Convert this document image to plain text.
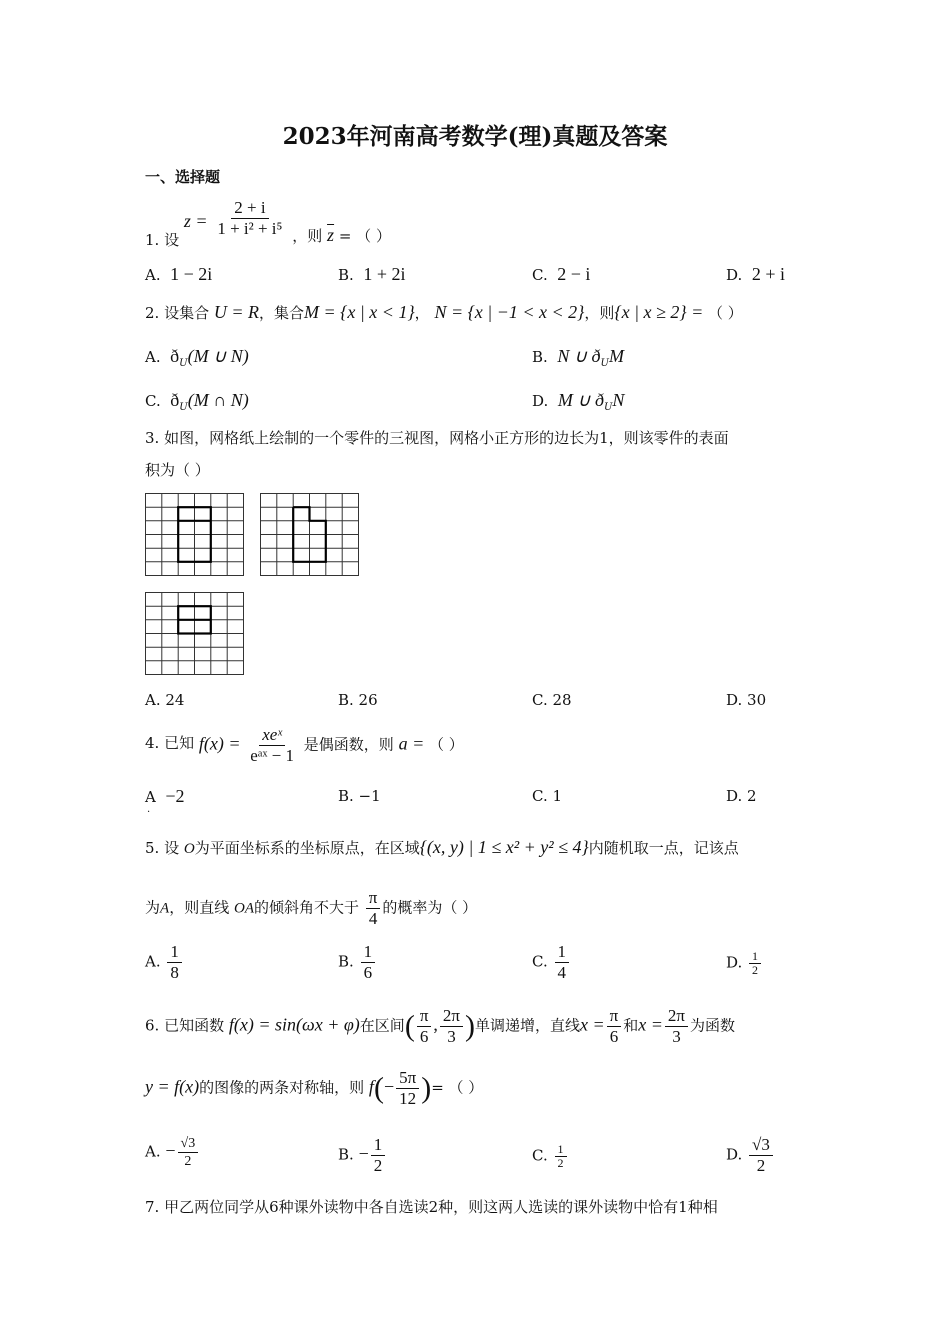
2023年河南高考数学(理)真题及答案
一、选择题
1. 设 $z = \frac{2 + i}{\text{1 + i² + i⁵}}$ ，则 $\overline{z}$ = （ ）
A. 1 − 2i	B. 1 + 2i	C. 2 − i	D. 2 + i
2. 设集合 U = R，集合M = {x | x < 1}， N = {x | −1 < x < 2}，则{x | x ≥ 2} = （ ）
A. $ð_U(M$ ∪ N)	B. N ∪ $ð_UM$
C. $ð_U(M$ ∩ N)	D. M ∪ $ð_UN$
3. 如图，网格纸上绘制的一个零件的三视图，网格小正方形的边长为1，则该零件的表面
积为（ ）
A. 24	B. 26	C. 28	D. 30
4. 已知 $f(x) = \frac{\text{xeˣ}}{\text{eᵃˣ − 1}}$ 是偶函数，则 a = （ ）
A −2
.
B. −1	C. 1	D. 2
5. 设 O为平面坐标系的坐标原点，在区域{(x, y) | 1 ≤ x² + y² ≤ 4}内随机取一点，记该点
为A，则直线 OA的倾斜角不大于 $\frac{\pi}{4}$ 的概率为（ ）
A. $\frac{1}{8}$	B. $\frac{1}{6}$	C. $\frac{1}{4}$	D. $\frac{1}{2}$
6. 已知函数 f(x) = sin(ωx + φ)在区间( $\frac{\pi}{6}$ , $\frac{2\pi}{3}$ )单调递增，直线$x = \frac{\pi}{6}$ 和$x = \frac{2\pi}{3}$ 为函数
y = f(x)的图像的两条对称轴，则 $f(- \frac{5\pi}{12}$ )= （ ）
A. − $\frac{√3}{2}$	B. − $\frac{1}{2}$	C. $\frac{1}{2}$	D. $\frac{√3}{2}$
7. 甲乙两位同学从6种课外读物中各自选读2种，则这两人选读的课外读物中恰有1种相
